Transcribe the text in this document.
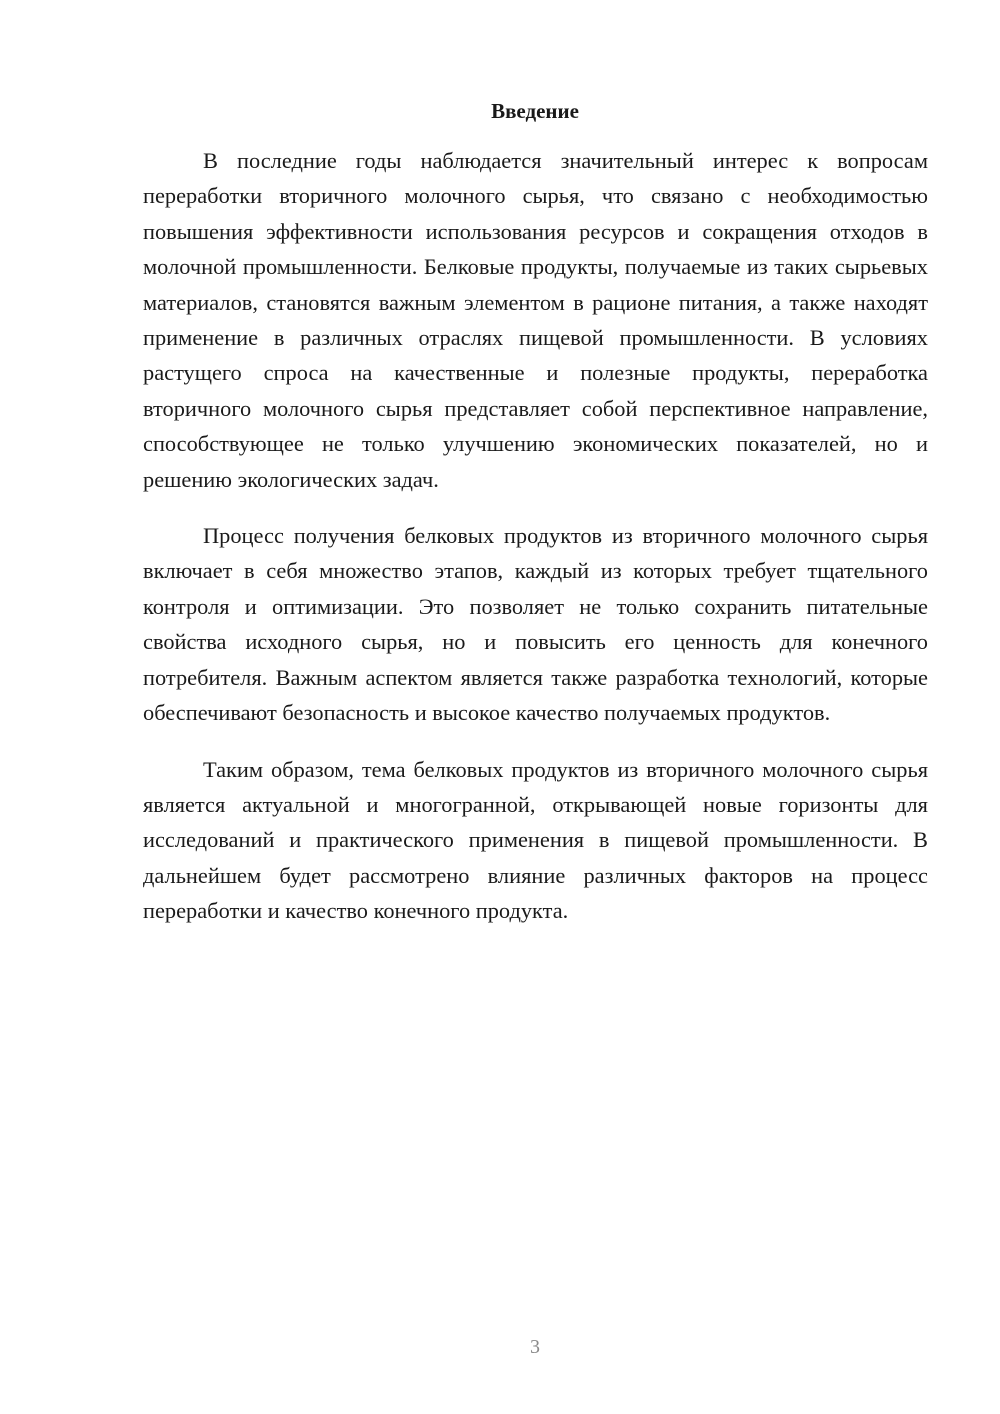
Введение

В последние годы наблюдается значительный интерес к вопросам переработки вторичного молочного сырья, что связано с необходимостью повышения эффективности использования ресурсов и сокращения отходов в молочной промышленности. Белковые продукты, получаемые из таких сырьевых материалов, становятся важным элементом в рационе питания, а также находят применение в различных отраслях пищевой промышленности. В условиях растущего спроса на качественные и полезные продукты, переработка вторичного молочного сырья представляет собой перспективное направление, способствующее не только улучшению экономических показателей, но и решению экологических задач.

Процесс получения белковых продуктов из вторичного молочного сырья включает в себя множество этапов, каждый из которых требует тщательного контроля и оптимизации. Это позволяет не только сохранить питательные свойства исходного сырья, но и повысить его ценность для конечного потребителя. Важным аспектом является также разработка технологий, которые обеспечивают безопасность и высокое качество получаемых продуктов.

Таким образом, тема белковых продуктов из вторичного молочного сырья является актуальной и многогранной, открывающей новые горизонты для исследований и практического применения в пищевой промышленности. В дальнейшем будет рассмотрено влияние различных факторов на процесс переработки и качество конечного продукта.

3
